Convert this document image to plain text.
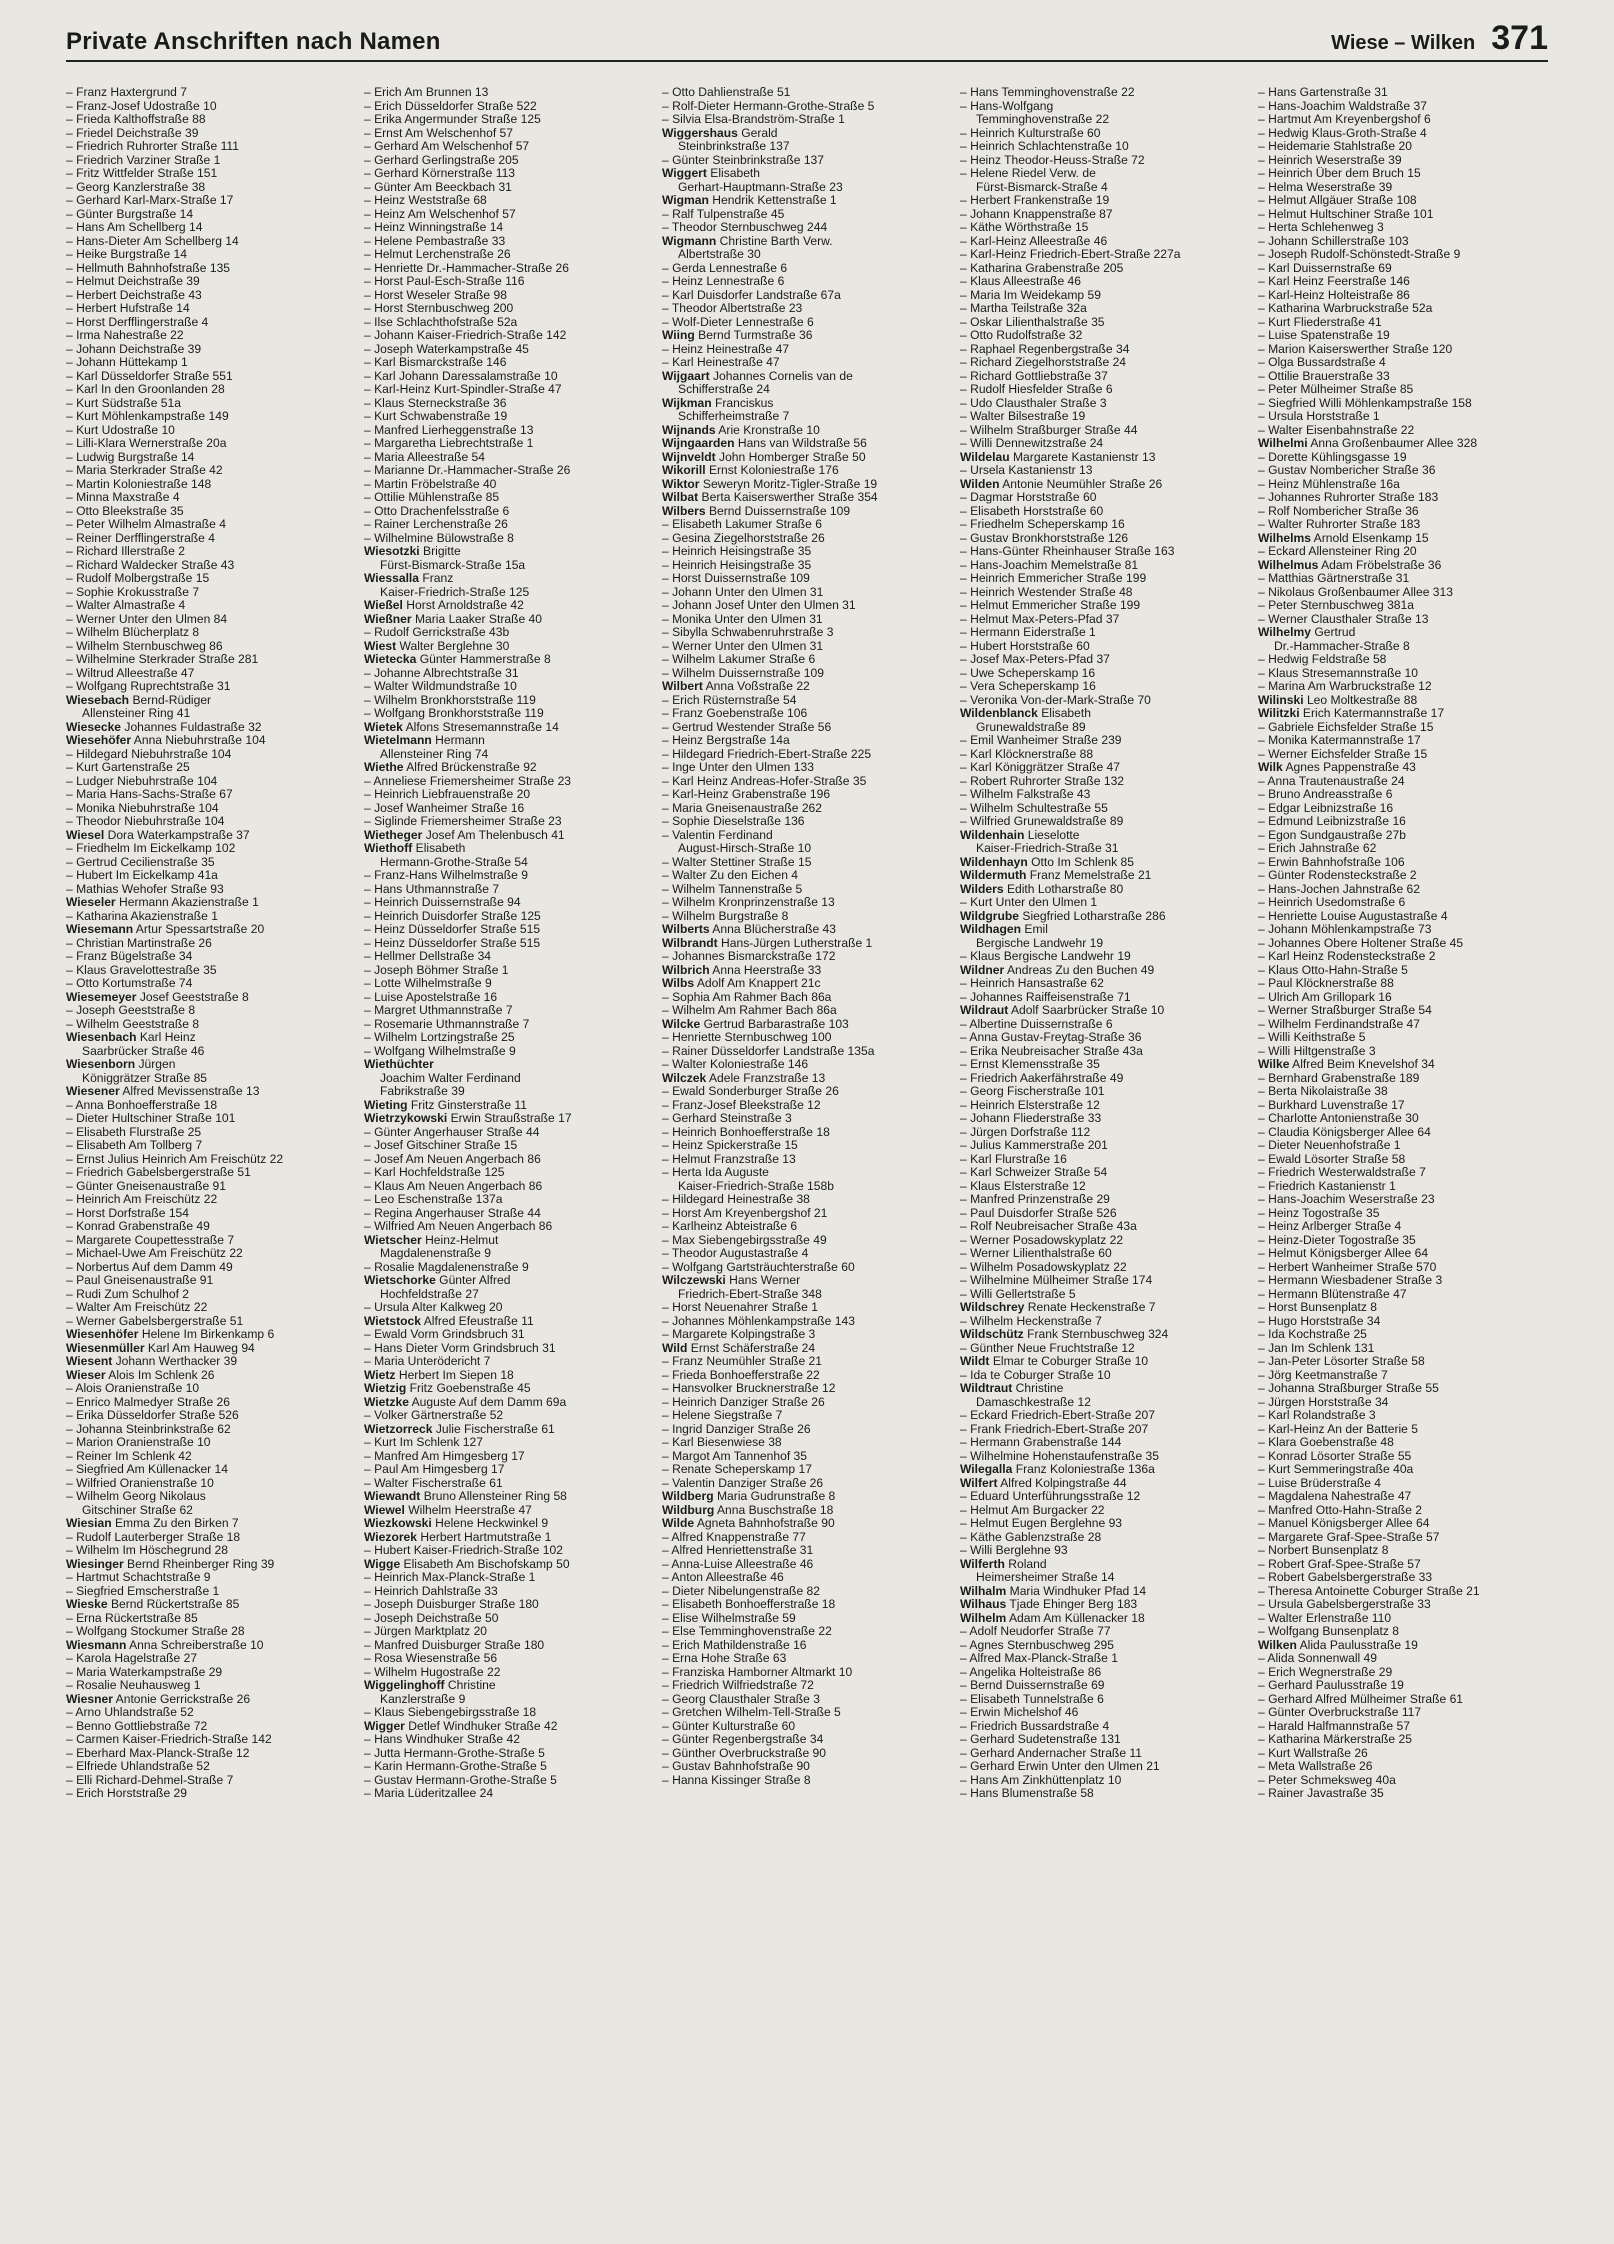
Private Anschriften nach Namen	Wiese – Wilken 371
– Franz Haxtergrund 7
– Franz-Josef Udostraße 10
– Frieda Kalthoffstraße 88
– Friedel Deichstraße 39
– Friedrich Ruhrorter Straße 111
– Friedrich Varziner Straße 1
– Fritz Wittfelder Straße 151
– Georg Kanzlerstraße 38
– Gerhard Karl-Marx-Straße 17
– Günter Burgstraße 14
– Hans Am Schellberg 14
– Hans-Dieter Am Schellberg 14
– Heike Burgstraße 14
– Hellmuth Bahnhofstraße 135
– Helmut Deichstraße 39
– Herbert Deichstraße 43
– Herbert Hufstraße 14
– Horst Derfflingerstraße 4
– Irma Nahestraße 22
– Johann Deichstraße 39
– Johann Hüttekamp 1
– Karl Düsseldorfer Straße 551
– Karl In den Groonlanden 28
– Kurt Südstraße 51a
– Kurt Möhlenkampstraße 149
– Kurt Udostraße 10
– Lilli-Klara Wernerstraße 20a
– Ludwig Burgstraße 14
– Maria Sterkrader Straße 42
– Martin Koloniestraße 148
– Minna Maxstraße 4
– Otto Bleekstraße 35
– Peter Wilhelm Almastraße 4
– Reiner Derfflingerstraße 4
– Richard Illerstraße 2
– Richard Waldecker Straße 43
– Rudolf Molbergstraße 15
– Sophie Krokusstraße 7
– Walter Almastraße 4
– Werner Unter den Ulmen 84
– Wilhelm Blücherplatz 8
– Wilhelm Sternbuschweg 86
– Wilhelmine Sterkrader Straße 281
– Wiltrud Alleestraße 47
– Wolfgang Ruprechtstraße 31
Wiesebach Bernd-Rüdiger
Allensteiner Ring 41
Wiesecke Johannes Fuldastraße 32
Wiesehöfer Anna Niebuhrstraße 104
– Hildegard Niebuhrstraße 104
– Kurt Gartenstraße 25
– Ludger Niebuhrstraße 104
– Maria Hans-Sachs-Straße 67
– Monika Niebuhrstraße 104
– Theodor Niebuhrstraße 104
Wiesel Dora Waterkampstraße 37
– Friedhelm Im Eickelkamp 102
– Gertrud Cecilienstraße 35
– Hubert Im Eickelkamp 41a
– Mathias Wehofer Straße 93
Wieseler Hermann Akazienstraße 1
– Katharina Akazienstraße 1
Wiesemann Artur Spessartstraße 20
– Christian Martinstraße 26
– Franz Bügelstraße 34
– Klaus Gravelottestraße 35
– Otto Kortumstraße 74
Wiesemeyer Josef Geeststraße 8
– Joseph Geeststraße 8
– Wilhelm Geeststraße 8
Wiesenbach Karl Heinz
Saarbrücker Straße 46
Wiesenborn Jürgen
Königgrätzer Straße 85
Wiesener Alfred Mevissenstraße 13
– Anna Bonhoefferstraße 18
– Dieter Hultschiner Straße 101
– Elisabeth Flurstraße 25
– Elisabeth Am Tollberg 7
– Ernst Julius Heinrich Am Freischütz 22
– Friedrich Gabelsbergerstraße 51
– Günter Gneisenaustraße 91
– Heinrich Am Freischütz 22
– Horst Dorfstraße 154
– Konrad Grabenstraße 49
– Margarete Coupettesstraße 7
– Michael-Uwe Am Freischütz 22
– Norbertus Auf dem Damm 49
– Paul Gneisenaustraße 91
– Rudi Zum Schulhof 2
– Walter Am Freischütz 22
– Werner Gabelsbergerstraße 51
Wiesenhöfer Helene Im Birkenkamp 6
Wiesenmüller Karl Am Hauweg 94
Wiesent Johann Werthacker 39
Wieser Alois Im Schlenk 26
– Alois Oranienstraße 10
– Enrico Malmedyer Straße 26
– Erika Düsseldorfer Straße 526
– Johanna Steinbrinkstraße 62
– Marion Oranienstraße 10
– Reiner Im Schlenk 42
– Siegfried Am Küllenacker 14
– Wilfried Oranienstraße 10
– Wilhelm Georg Nikolaus
Gitschiner Straße 62
Wiesian Emma Zu den Birken 7
– Rudolf Lauterberger Straße 18
– Wilhelm Im Höschegrund 28
Wiesinger Bernd Rheinberger Ring 39
– Hartmut Schachtstraße 9
– Siegfried Emscherstraße 1
Wieske Bernd Rückertstraße 85
– Erna Rückertstraße 85
– Wolfgang Stockumer Straße 28
Wiesmann Anna Schreiberstraße 10
– Karola Hagelstraße 27
– Maria Waterkampstraße 29
– Rosalie Neuhausweg 1
Wiesner Antonie Gerrickstraße 26
– Arno Uhlandstraße 52
– Benno Gottliebstraße 72
– Carmen Kaiser-Friedrich-Straße 142
– Eberhard Max-Planck-Straße 12
– Elfriede Uhlandstraße 52
– Elli Richard-Dehmel-Straße 7
– Erich Horststraße 29
– Erich Am Brunnen 13
– Erich Düsseldorfer Straße 522
– Erika Angermunder Straße 125
– Ernst Am Welschenhof 57
– Gerhard Am Welschenhof 57
– Gerhard Gerlingstraße 205
– Gerhard Körnerstraße 113
– Günter Am Beeckbach 31
– Heinz Weststraße 68
– Heinz Am Welschenhof 57
– Heinz Winningstraße 14
– Helene Pembastraße 33
– Helmut Lerchenstraße 26
– Henriette Dr.-Hammacher-Straße 26
– Horst Paul-Esch-Straße 116
– Horst Weseler Straße 98
– Horst Sternbuschweg 200
– Ilse Schlachthofstraße 52a
– Johann Kaiser-Friedrich-Straße 142
– Joseph Waterkampstraße 45
– Karl Bismarckstraße 146
– Karl Johann Daressalamstraße 10
– Karl-Heinz Kurt-Spindler-Straße 47
– Klaus Sterneckstraße 36
– Kurt Schwabenstraße 19
– Manfred Lierheggenstraße 13
– Margaretha Liebrechtstraße 1
– Maria Alleestraße 54
– Marianne Dr.-Hammacher-Straße 26
– Martin Fröbelstraße 40
– Ottilie Mühlenstraße 85
– Otto Drachenfelsstraße 6
– Rainer Lerchenstraße 26
– Wilhelmine Bülowstraße 8
Wiesotzki Brigitte
Fürst-Bismarck-Straße 15a
Wiessalla Franz
Kaiser-Friedrich-Straße 125
Wießel Horst Arnoldstraße 42
Wießner Maria Laaker Straße 40
– Rudolf Gerrickstraße 43b
Wiest Walter Berglehne 30
Wietecka Günter Hammerstraße 8
– Johanne Albrechtstraße 31
– Walter Wildmundstraße 10
– Wilhelm Bronkhorststraße 119
– Wolfgang Bronkhorststraße 119
Wietek Alfons Stresemannstraße 14
Wietelmann Hermann
Allensteiner Ring 74
Wiethe Alfred Brückenstraße 92
– Anneliese Friemersheimer Straße 23
– Heinrich Liebfrauenstraße 20
– Josef Wanheimer Straße 16
– Siglinde Friemersheimer Straße 23
Wietheger Josef Am Thelenbusch 41
Wiethoff Elisabeth
Hermann-Grothe-Straße 54
– Franz-Hans Wilhelmstraße 9
– Hans Uthmannstraße 7
– Heinrich Duissernstraße 94
– Heinrich Duisdorfer Straße 125
– Heinz Düsseldorfer Straße 515
– Heinz Düsseldorfer Straße 515
– Hellmer Dellstraße 34
– Joseph Böhmer Straße 1
– Lotte Wilhelmstraße 9
– Luise Apostelstraße 16
– Margret Uthmannstraße 7
– Rosemarie Uthmannstraße 7
– Wilhelm Lortzingstraße 25
– Wolfgang Wilhelmstraße 9
Wiethüchter
Joachim Walter Ferdinand
Fabrikstraße 39
Wieting Fritz Ginsterstraße 11
Wietrzykowski Erwin Straußstraße 17
– Günter Angerhauser Straße 44
– Josef Gitschiner Straße 15
– Josef Am Neuen Angerbach 86
– Karl Hochfeldstraße 125
– Klaus Am Neuen Angerbach 86
– Leo Eschenstraße 137a
– Regina Angerhauser Straße 44
– Wilfried Am Neuen Angerbach 86
Wietscher Heinz-Helmut
Magdalenenstraße 9
– Rosalie Magdalenenstraße 9
Wietschorke Günter Alfred
Hochfeldstraße 27
– Ursula Alter Kalkweg 20
Wietstock Alfred Efeustraße 11
– Ewald Vorm Grindsbruch 31
– Hans Dieter Vorm Grindsbruch 31
– Maria Unterödericht 7
Wietz Herbert Im Siepen 18
Wietzig Fritz Goebenstraße 45
Wietzke Auguste Auf dem Damm 69a
– Volker Gärtnerstraße 52
Wietzorreck Julie Fischerstraße 61
– Kurt Im Schlenk 127
– Manfred Am Himgesberg 17
– Paul Am Himgesberg 17
– Walter Fischerstraße 61
Wiewandt Bruno Allensteiner Ring 58
Wiewel Wilhelm Heerstraße 47
Wiezkowski Helene Heckwinkel 9
Wiezorek Herbert Hartmutstraße 1
– Hubert Kaiser-Friedrich-Straße 102
Wigge Elisabeth Am Bischofskamp 50
– Heinrich Max-Planck-Straße 1
– Heinrich Dahlstraße 33
– Joseph Duisburger Straße 180
– Joseph Deichstraße 50
– Jürgen Marktplatz 20
– Manfred Duisburger Straße 180
– Rosa Wiesenstraße 56
– Wilhelm Hugostraße 22
Wiggelinghoff Christine
Kanzlerstraße 9
– Klaus Siebengebirgsstraße 18
Wigger Detlef Windhuker Straße 42
– Hans Windhuker Straße 42
– Jutta Hermann-Grothe-Straße 5
– Karin Hermann-Grothe-Straße 5
– Gustav Hermann-Grothe-Straße 5
– Maria Lüderitzallee 24
– Otto Dahlienstraße 51
– Rolf-Dieter Hermann-Grothe-Straße 5
– Silvia Elsa-Brandström-Straße 1
Wiggershaus Gerald
Steinbrinkstraße 137
– Günter Steinbrinkstraße 137
Wiggert Elisabeth
Gerhart-Hauptmann-Straße 23
Wigman Hendrik Kettenstraße 1
– Ralf Tulpenstraße 45
– Theodor Sternbuschweg 244
Wigmann Christine Barth Verw.
Albertstraße 30
– Gerda Lennestraße 6
– Heinz Lennestraße 6
– Karl Duisdorfer Landstraße 67a
– Theodor Albertstraße 23
– Wolf-Dieter Lennestraße 6
Wiing Bernd Turmstraße 36
– Heinz Heinestraße 47
– Karl Heinestraße 47
Wijgaart Johannes Cornelis van de
Schifferstraße 24
Wijkman Franciskus
Schifferheimstraße 7
Wijnands Arie Kronstraße 10
Wijngaarden Hans van Wildstraße 56
Wijnveldt John Homberger Straße 50
Wikorill Ernst Koloniestraße 176
Wiktor Seweryn Moritz-Tigler-Straße 19
Wilbat Berta Kaiserswerther Straße 354
Wilbers Bernd Duissernstraße 109
– Elisabeth Lakumer Straße 6
– Gesina Ziegelhorststraße 26
– Heinrich Heisingstraße 35
– Heinrich Heisingstraße 35
– Horst Duissernstraße 109
– Johann Unter den Ulmen 31
– Johann Josef Unter den Ulmen 31
– Monika Unter den Ulmen 31
– Sibylla Schwabenruhrstraße 3
– Werner Unter den Ulmen 31
– Wilhelm Lakumer Straße 6
– Wilhelm Duissernstraße 109
Wilbert Anna Voßstraße 22
– Erich Rüsternstraße 54
– Franz Goebenstraße 106
– Gertrud Westender Straße 56
– Heinz Bergstraße 14a
– Hildegard Friedrich-Ebert-Straße 225
– Inge Unter den Ulmen 133
– Karl Heinz Andreas-Hofer-Straße 35
– Karl-Heinz Grabenstraße 196
– Maria Gneisenaustraße 262
– Sophie Dieselstraße 136
– Valentin Ferdinand
August-Hirsch-Straße 10
– Walter Stettiner Straße 15
– Walter Zu den Eichen 4
– Wilhelm Tannenstraße 5
– Wilhelm Kronprinzenstraße 13
– Wilhelm Burgstraße 8
Wilberts Anna Blücherstraße 43
Wilbrandt Hans-Jürgen Lutherstraße 1
– Johannes Bismarckstraße 172
Wilbrich Anna Heerstraße 33
Wilbs Adolf Am Knappert 21c
– Sophia Am Rahmer Bach 86a
– Wilhelm Am Rahmer Bach 86a
Wilcke Gertrud Barbarastraße 103
– Henriette Sternbuschweg 100
– Rainer Düsseldorfer Landstraße 135a
– Walter Koloniestraße 146
Wilczek Adele Franzstraße 13
– Ewald Sonderburger Straße 26
– Franz-Josef Bleekstraße 12
– Gerhard Steinstraße 3
– Heinrich Bonhoefferstraße 18
– Heinz Spickerstraße 15
– Helmut Franzstraße 13
– Herta Ida Auguste
Kaiser-Friedrich-Straße 158b
– Hildegard Heinestraße 38
– Horst Am Kreyenbergshof 21
– Karlheinz Abteistraße 6
– Max Siebengebirgsstraße 49
– Theodor Augustastraße 4
– Wolfgang Gartsträuchterstraße 60
Wilczewski Hans Werner
Friedrich-Ebert-Straße 348
– Horst Neuenahrer Straße 1
– Johannes Möhlenkampstraße 143
– Margarete Kolpingstraße 3
Wild Ernst Schäferstraße 24
– Franz Neumühler Straße 21
– Frieda Bonhoefferstraße 22
– Hansvolker Brucknerstraße 12
– Heinrich Danziger Straße 26
– Helene Siegstraße 7
– Ingrid Danziger Straße 26
– Karl Biesenwiese 38
– Margot Am Tannenhof 35
– Renate Scheperskamp 17
– Valentin Danziger Straße 26
Wildberg Maria Gudrunstraße 8
Wildburg Anna Buschstraße 18
Wilde Agneta Bahnhofstraße 90
– Alfred Knappenstraße 77
– Alfred Henriettenstraße 31
– Anna-Luise Alleestraße 46
– Anton Alleestraße 46
– Dieter Nibelungenstraße 82
– Elisabeth Bonhoefferstraße 18
– Elise Wilhelmstraße 59
– Else Temminghovenstraße 22
– Erich Mathildenstraße 16
– Erna Hohe Straße 63
– Franziska Hamborner Altmarkt 10
– Friedrich Wilfriedstraße 72
– Georg Clausthaler Straße 3
– Gretchen Wilhelm-Tell-Straße 5
– Günter Kulturstraße 60
– Günter Regenbergstraße 34
– Günther Overbruckstraße 90
– Gustav Bahnhofstraße 90
– Hanna Kissinger Straße 8
– Hans Temminghovenstraße 22
– Hans-Wolfgang
Temminghovenstraße 22
– Heinrich Kulturstraße 60
– Heinrich Schlachtenstraße 10
– Heinz Theodor-Heuss-Straße 72
– Helene Riedel Verw. de
Fürst-Bismarck-Straße 4
– Herbert Frankenstraße 19
– Johann Knappenstraße 87
– Käthe Wörthstraße 15
– Karl-Heinz Alleestraße 46
– Karl-Heinz Friedrich-Ebert-Straße 227a
– Katharina Grabenstraße 205
– Klaus Alleestraße 46
– Maria Im Weidekamp 59
– Martha Teilstraße 32a
– Oskar Lilienthalstraße 35
– Otto Rudolfstraße 32
– Raphael Regenbergstraße 34
– Richard Ziegelhorststraße 24
– Richard Gottliebstraße 37
– Rudolf Hiesfelder Straße 6
– Udo Clausthaler Straße 3
– Walter Bilsestraße 19
– Wilhelm Straßburger Straße 44
– Willi Dennewitzstraße 24
Wildelau Margarete Kastanienstr 13
– Ursela Kastanienstr 13
Wilden Antonie Neumühler Straße 26
– Dagmar Horststraße 60
– Elisabeth Horststraße 60
– Friedhelm Scheperskamp 16
– Gustav Bronkhorststraße 126
– Hans-Günter Rheinhauser Straße 163
– Hans-Joachim Memelstraße 81
– Heinrich Emmericher Straße 199
– Heinrich Westender Straße 48
– Helmut Emmericher Straße 199
– Helmut Max-Peters-Pfad 37
– Hermann Eiderstraße 1
– Hubert Horststraße 60
– Josef Max-Peters-Pfad 37
– Uwe Scheperskamp 16
– Vera Scheperskamp 16
– Veronika Von-der-Mark-Straße 70
Wildenblanck Elisabeth
Grunewaldstraße 89
– Emil Wanheimer Straße 239
– Karl Klöcknerstraße 88
– Karl Königgrätzer Straße 47
– Robert Ruhrorter Straße 132
– Wilhelm Falkstraße 43
– Wilhelm Schultestraße 55
– Wilfried Grunewaldstraße 89
Wildenhain Lieselotte
Kaiser-Friedrich-Straße 31
Wildenhayn Otto Im Schlenk 85
Wildermuth Franz Memelstraße 21
Wilders Edith Lotharstraße 80
– Kurt Unter den Ulmen 1
Wildgrube Siegfried Lotharstraße 286
Wildhagen Emil
Bergische Landwehr 19
– Klaus Bergische Landwehr 19
Wildner Andreas Zu den Buchen 49
– Heinrich Hansastraße 62
– Johannes Raiffeisenstraße 71
Wildraut Adolf Saarbrücker Straße 10
– Albertine Duissernstraße 6
– Anna Gustav-Freytag-Straße 36
– Erika Neubreisacher Straße 43a
– Ernst Klemensstraße 35
– Friedrich Aakerfährstraße 49
– Georg Fischerstraße 101
– Heinrich Elsterstraße 12
– Johann Fliederstraße 33
– Jürgen Dorfstraße 112
– Julius Kammerstraße 201
– Karl Flurstraße 16
– Karl Schweizer Straße 54
– Klaus Elsterstraße 12
– Manfred Prinzenstraße 29
– Paul Duisdorfer Straße 526
– Rolf Neubreisacher Straße 43a
– Werner Posadowskyplatz 22
– Werner Lilienthalstraße 60
– Wilhelm Posadowskyplatz 22
– Wilhelmine Mülheimer Straße 174
– Willi Gellertstraße 5
Wildschrey Renate Heckenstraße 7
– Wilhelm Heckenstraße 7
Wildschütz Frank Sternbuschweg 324
– Günther Neue Fruchtstraße 12
Wildt Elmar te Coburger Straße 10
– Ida te Coburger Straße 10
Wildtraut Christine
Damaschkestraße 12
– Eckard Friedrich-Ebert-Straße 207
– Frank Friedrich-Ebert-Straße 207
– Hermann Grabenstraße 144
– Wilhelmine Hohenstaufenstraße 35
Wilegalla Franz Koloniestraße 136a
Wilfert Alfred Kolpingstraße 44
– Eduard Unterführungsstraße 12
– Helmut Am Burgacker 22
– Helmut Eugen Berglehne 93
– Käthe Gablenzstraße 28
– Willi Berglehne 93
Wilferth Roland
Heimersheimer Straße 14
Wilhalm Maria Windhuker Pfad 14
Wilhaus Tjade Ehinger Berg 183
Wilhelm Adam Am Küllenacker 18
– Adolf Neudorfer Straße 77
– Agnes Sternbuschweg 295
– Alfred Max-Planck-Straße 1
– Angelika Holteistraße 86
– Bernd Duissernstraße 69
– Elisabeth Tunnelstraße 6
– Erwin Michelshof 46
– Friedrich Bussardstraße 4
– Gerhard Sudetenstraße 131
– Gerhard Andernacher Straße 11
– Gerhard Erwin Unter den Ulmen 21
– Hans Am Zinkhüttenplatz 10
– Hans Blumenstraße 58
– Hans Gartenstraße 31
– Hans-Joachim Waldstraße 37
– Hartmut Am Kreyenbergshof 6
– Hedwig Klaus-Groth-Straße 4
– Heidemarie Stahlstraße 20
– Heinrich Weserstraße 39
– Heinrich Über dem Bruch 15
– Helma Weserstraße 39
– Helmut Allgäuer Straße 108
– Helmut Hultschiner Straße 101
– Herta Schlehenweg 3
– Johann Schillerstraße 103
– Joseph Rudolf-Schönstedt-Straße 9
– Karl Duissernstraße 69
– Karl Heinz Feerstraße 146
– Karl-Heinz Holteistraße 86
– Katharina Warbruckstraße 52a
– Kurt Fliederstraße 41
– Luise Spatenstraße 19
– Marion Kaiserswerther Straße 120
– Olga Bussardstraße 4
– Ottilie Brauerstraße 33
– Peter Mülheimer Straße 85
– Siegfried Willi Möhlenkampstraße 158
– Ursula Horststraße 1
– Walter Eisenbahnstraße 22
Wilhelmi Anna Großenbaumer Allee 328
– Dorette Kühlingsgasse 19
– Gustav Nombericher Straße 36
– Heinz Mühlenstraße 16a
– Johannes Ruhrorter Straße 183
– Rolf Nombericher Straße 36
– Walter Ruhrorter Straße 183
Wilhelms Arnold Elsenkamp 15
– Eckard Allensteiner Ring 20
Wilhelmus Adam Fröbelstraße 36
– Matthias Gärtnerstraße 31
– Nikolaus Großenbaumer Allee 313
– Peter Sternbuschweg 381a
– Werner Clausthaler Straße 13
Wilhelmy Gertrud
Dr.-Hammacher-Straße 8
– Hedwig Feldstraße 58
– Klaus Stresemannstraße 10
– Marina Am Warbruckstraße 12
Wilinski Leo Moltkestraße 88
Wilitzki Erich Katermannstraße 17
– Gabriele Eichsfelder Straße 15
– Monika Katermannstraße 17
– Werner Eichsfelder Straße 15
Wilk Agnes Pappenstraße 43
– Anna Trautenaustraße 24
– Bruno Andreasstraße 6
– Edgar Leibnizstraße 16
– Edmund Leibnizstraße 16
– Egon Sundgaustraße 27b
– Erich Jahnstraße 62
– Erwin Bahnhofstraße 106
– Günter Rodensteckstraße 2
– Hans-Jochen Jahnstraße 62
– Heinrich Usedomstraße 6
– Henriette Louise Augustastraße 4
– Johann Möhlenkampstraße 73
– Johannes Obere Holtener Straße 45
– Karl Heinz Rodensteckstraße 2
– Klaus Otto-Hahn-Straße 5
– Paul Klöcknerstraße 88
– Ulrich Am Grillopark 16
– Werner Straßburger Straße 54
– Wilhelm Ferdinandstraße 47
– Willi Keithstraße 5
– Willi Hiltgenstraße 3
Wilke Alfred Beim Knevelshof 34
– Bernhard Grabenstraße 189
– Berta Nikolaistraße 38
– Burkhard Luvenstraße 17
– Charlotte Antonienstraße 30
– Claudia Königsberger Allee 64
– Dieter Neuenhofstraße 1
– Ewald Lösorter Straße 58
– Friedrich Westerwaldstraße 7
– Friedrich Kastanienstr 1
– Hans-Joachim Weserstraße 23
– Heinz Togostraße 35
– Heinz Arlberger Straße 4
– Heinz-Dieter Togostraße 35
– Helmut Königsberger Allee 64
– Herbert Wanheimer Straße 570
– Hermann Wiesbadener Straße 3
– Hermann Blütenstraße 47
– Horst Bunsenplatz 8
– Hugo Horststraße 34
– Ida Kochstraße 25
– Jan Im Schlenk 131
– Jan-Peter Lösorter Straße 58
– Jörg Keetmanstraße 7
– Johanna Straßburger Straße 55
– Jürgen Horststraße 34
– Karl Rolandstraße 3
– Karl-Heinz An der Batterie 5
– Klara Goebenstraße 48
– Konrad Lösorter Straße 55
– Kurt Semmeringstraße 40a
– Luise Brüderstraße 4
– Magdalena Nahestraße 47
– Manfred Otto-Hahn-Straße 2
– Manuel Königsberger Allee 64
– Margarete Graf-Spee-Straße 57
– Norbert Bunsenplatz 8
– Robert Graf-Spee-Straße 57
– Robert Gabelsbergerstraße 33
– Theresa Antoinette Coburger Straße 21
– Ursula Gabelsbergerstraße 33
– Walter Erlenstraße 110
– Wolfgang Bunsenplatz 8
Wilken Alida Paulusstraße 19
– Alida Sonnenwall 49
– Erich Wegnerstraße 29
– Gerhard Paulusstraße 19
– Gerhard Alfred Mülheimer Straße 61
– Günter Overbruckstraße 117
– Harald Halfmannstraße 57
– Katharina Märkerstraße 25
– Kurt Wallstraße 26
– Meta Wallstraße 26
– Peter Schmeksweg 40a
– Rainer Javastraße 35
